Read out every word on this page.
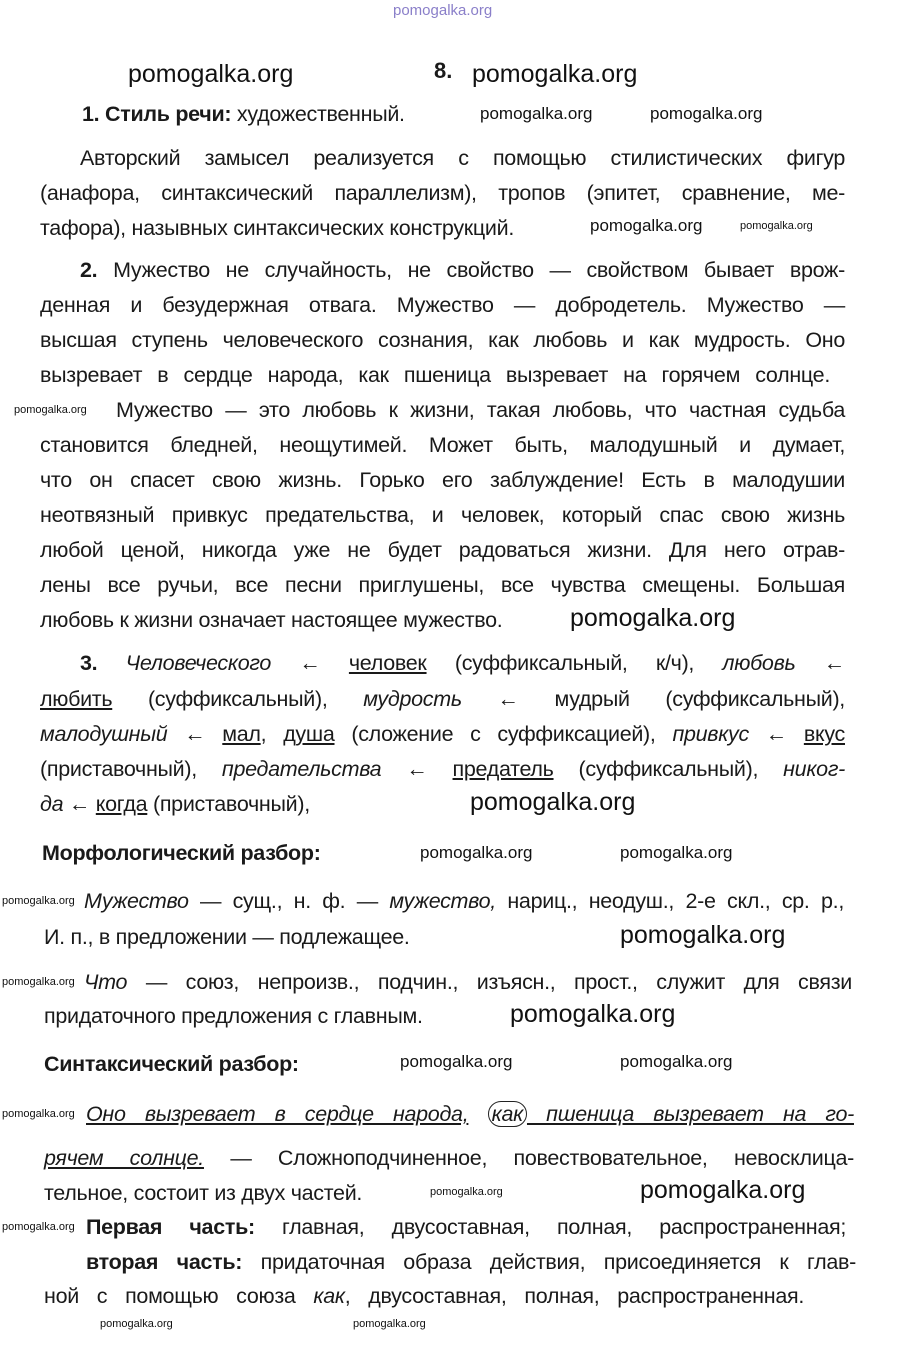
8.
1. Стиль речи: художественный.
Авторский замысел реализуется с помощью стилистических фигур
(анафора, синтаксический параллелизм), тропов (эпитет, сравнение, ме-
тафора), назывных синтаксических конструкций.
2. Мужество не случайность, не свойство — свойством бывает врож-
денная и безудержная отвага. Мужество — добродетель. Мужество —
высшая ступень человеческого сознания, как любовь и как мудрость. Оно
вызревает в сердце народа, как пшеница вызревает на горячем солнце.
Мужество — это любовь к жизни, такая любовь, что частная судьба
становится бледней, неощутимей. Может быть, малодушный и думает,
что он спасет свою жизнь. Горько его заблуждение! Есть в малодушии
неотвязный привкус предательства, и человек, который спас свою жизнь
любой ценой, никогда уже не будет радоваться жизни. Для него отрав-
лены все ручьи, все песни приглушены, все чувства смещены. Большая
любовь к жизни означает настоящее мужество.
3. Человеческого ← человек (суффиксальный, к/ч), любовь ←
любить (суффиксальный), мудрость ← мудрый (суффиксальный),
малодушный ← мал, душа (сложение с суффиксацией), привкус ← вкус
(приставочный), предательства ← предатель (суффиксальный), никог-
да ← когда (приставочный),
Морфологический разбор:
Мужество — сущ., н. ф. — мужество, нариц., неодуш., 2-е скл., ср. р.,
И. п., в предложении — подлежащее.
Что — союз, непроизв., подчин., изъясн., прост., служит для связи
придаточного предложения с главным.
Синтаксический разбор:
Оно вызревает в сердце народа, как пшеница вызревает на го-
рячем солнце. — Сложноподчиненное, повествовательное, невосклица-
тельное, состоит из двух частей.
Первая часть: главная, двусоставная, полная, распространенная;
вторая часть: придаточная образа действия, присоединяется к глав-
ной с помощью союза как, двусоставная, полная, распространенная.
pomogalka.org
pomogalka.org	pomogalka.org
pomogalka.org	pomogalka.org
pomogalka.org	pomogalka.org
pomogalka.org
pomogalka.org
pomogalka.org
pomogalka.org	pomogalka.org
pomogalka.org
pomogalka.org
pomogalka.org
pomogalka.org
pomogalka.org	pomogalka.org
pomogalka.org
pomogalka.org	pomogalka.org
pomogalka.org
pomogalka.org	pomogalka.org
